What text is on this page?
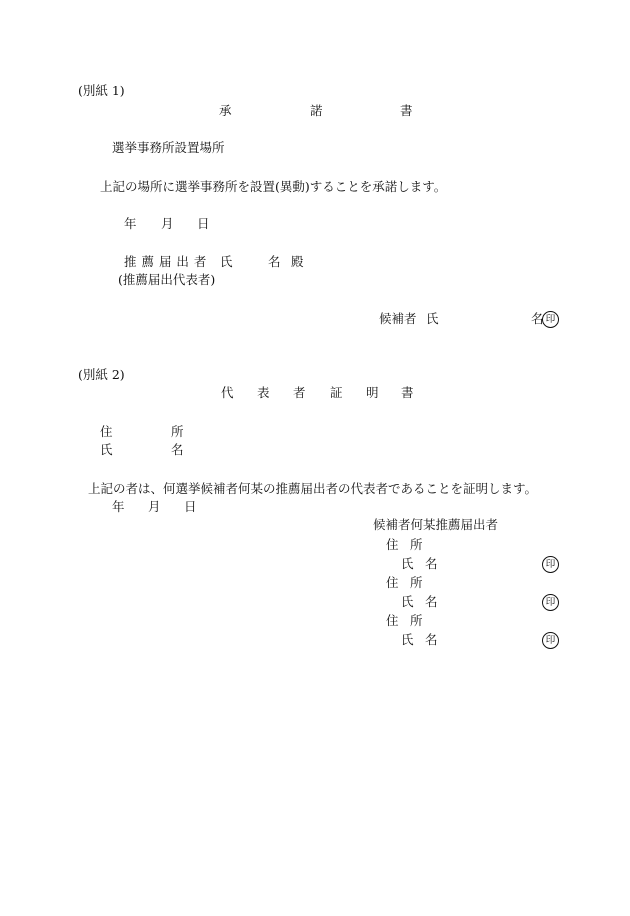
(別紙 1)
承	諾	書
選挙事務所設置場所
上記の場所に選挙事務所を設置(異動)することを承諾します。
年 月 日
推 薦 届 出 者 氏	名 殿
(推薦届出代表者)
候補者 氏	名 印
(別紙 2)
代 表 者 証 明 書
住	所
氏	名
上記の者は、何選挙候補者何某の推薦届出者の代表者であることを証明します。
年 月 日
候補者何某推薦届出者
住 所
氏 名	印
住 所
氏 名	印
住 所
氏 名	印
